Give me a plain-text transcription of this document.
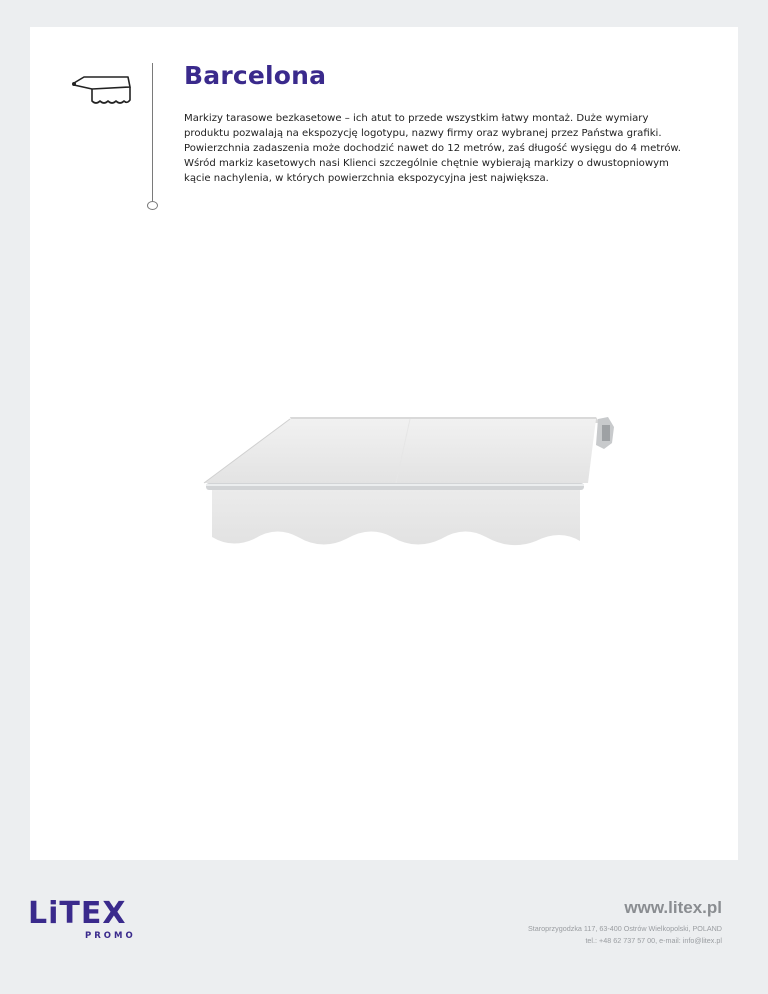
Barcelona

Markizy tarasowe bezkasetowe – ich atut to przede wszystkim łatwy montaż. Duże wymiary produktu pozwalają na ekspozycję logotypu, nazwy firmy oraz wybranej przez Państwa grafiki. Powierzchnia zadaszenia może dochodzić nawet do 12 metrów, zaś długość wysięgu do 4 metrów. Wśród markiz kasetowych nasi Klienci szczególnie chętnie wybierają markizy o dwustopniowym kącie nachylenia, w których powierzchnia ekspozycyjna jest największa.

LiTEX
PROMO

www.litex.pl

Staroprzygodzka 117, 63-400 Ostrów Wielkopolski, POLAND

tel.: +48 62 737 57 00, e-mail: info@litex.pl
